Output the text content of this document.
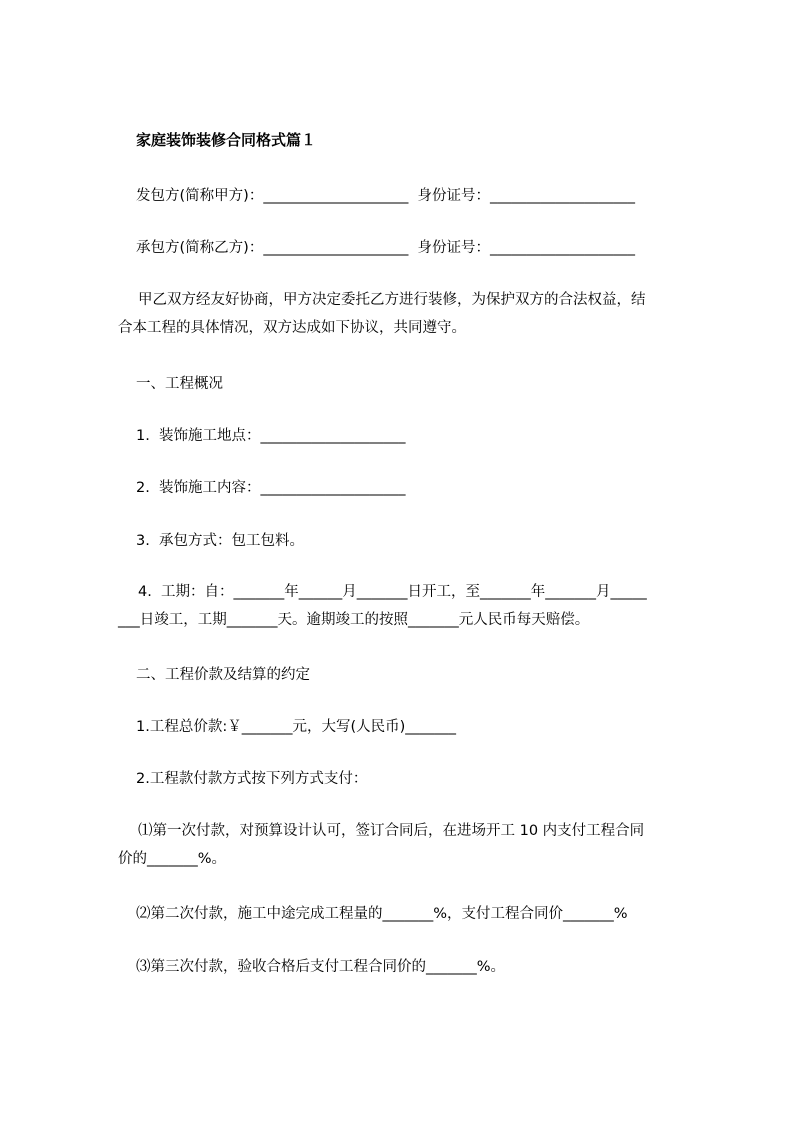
家庭装饰装修合同格式篇１
发包方(简称甲方)：____________________  身份证号：____________________
承包方(简称乙方)：____________________  身份证号：____________________
甲乙双方经友好协商，甲方决定委托乙方进行装修，为保护双方的合法权益，结
合本工程的具体情况，双方达成如下协议，共同遵守。
一、工程概况
1.  装饰施工地点：____________________
2.  装饰施工内容：____________________
3.  承包方式：包工包料。
4.  工期：自：_______年______月_______日开工，至_______年_______月_____
___日竣工，工期_______天。逾期竣工的按照_______元人民币每天赔偿。
二、工程价款及结算的约定
1.工程总价款:￥_______元，大写(人民币)_______
2.工程款付款方式按下列方式支付：
⑴第一次付款，对预算设计认可，签订合同后，在进场开工 10 内支付工程合同
价的_______%。
⑵第二次付款，施工中途完成工程量的_______%，支付工程合同价_______%
⑶第三次付款，验收合格后支付工程合同价的_______%。
